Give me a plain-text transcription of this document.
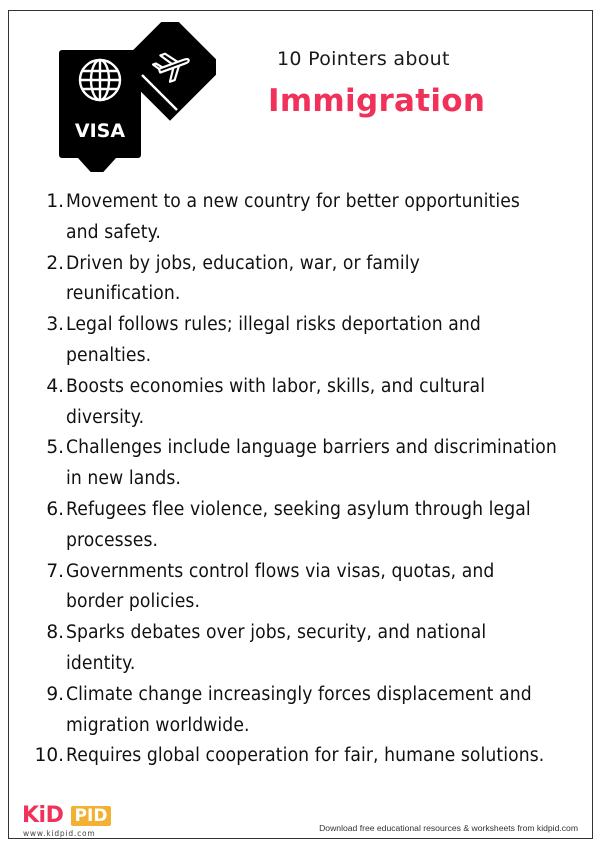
VISA
10 Pointers about
Immigration
1. Movement to a new country for better opportunities
and safety.
2. Driven by jobs, education, war, or family
reunification.
3. Legal follows rules; illegal risks deportation and
penalties.
4. Boosts economies with labor, skills, and cultural
diversity.
5. Challenges include language barriers and discrimination
in new lands.
6. Refugees flee violence, seeking asylum through legal
processes.
7. Governments control flows via visas, quotas, and
border policies.
8. Sparks debates over jobs, security, and national
identity.
9. Climate change increasingly forces displacement and
migration worldwide.
10. Requires global cooperation for fair, humane solutions.
KiD PID
www.kidpid.com
Download free educational resources & worksheets from kidpid.com
